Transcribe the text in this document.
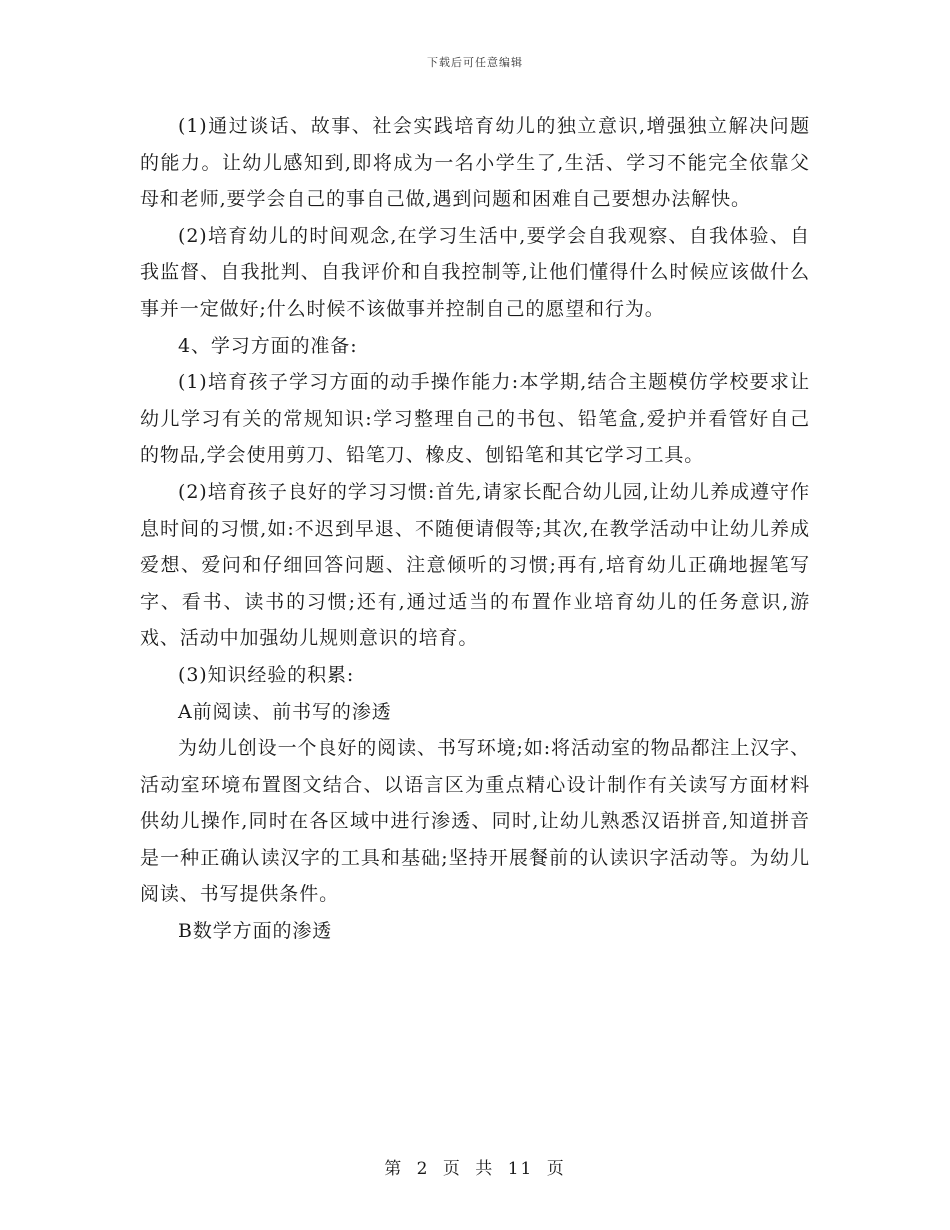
下载后可任意编辑

(1)通过谈话、故事、社会实践培育幼儿的独立意识,增强独立解决问题的能力。让幼儿感知到,即将成为一名小学生了,生活、学习不能完全依靠父母和老师,要学会自己的事自己做,遇到问题和困难自己要想办法解快。

(2)培育幼儿的时间观念,在学习生活中,要学会自我观察、自我体验、自我监督、自我批判、自我评价和自我控制等,让他们懂得什么时候应该做什么事并一定做好;什么时候不该做事并控制自己的愿望和行为。

4、学习方面的准备:

(1)培育孩子学习方面的动手操作能力:本学期,结合主题模仿学校要求让幼儿学习有关的常规知识:学习整理自己的书包、铅笔盒,爱护并看管好自己的物品,学会使用剪刀、铅笔刀、橡皮、刨铅笔和其它学习工具。

(2)培育孩子良好的学习习惯:首先,请家长配合幼儿园,让幼儿养成遵守作息时间的习惯,如:不迟到早退、不随便请假等;其次,在教学活动中让幼儿养成爱想、爱问和仔细回答问题、注意倾听的习惯;再有,培育幼儿正确地握笔写字、看书、读书的习惯;还有,通过适当的布置作业培育幼儿的任务意识,游戏、活动中加强幼儿规则意识的培育。

(3)知识经验的积累:

A前阅读、前书写的渗透

为幼儿创设一个良好的阅读、书写环境;如:将活动室的物品都注上汉字、活动室环境布置图文结合、以语言区为重点精心设计制作有关读写方面材料供幼儿操作,同时在各区域中进行渗透、同时,让幼儿熟悉汉语拼音,知道拼音是一种正确认读汉字的工具和基础;坚持开展餐前的认读识字活动等。为幼儿阅读、书写提供条件。

B数学方面的渗透

第 2 页 共 11 页
